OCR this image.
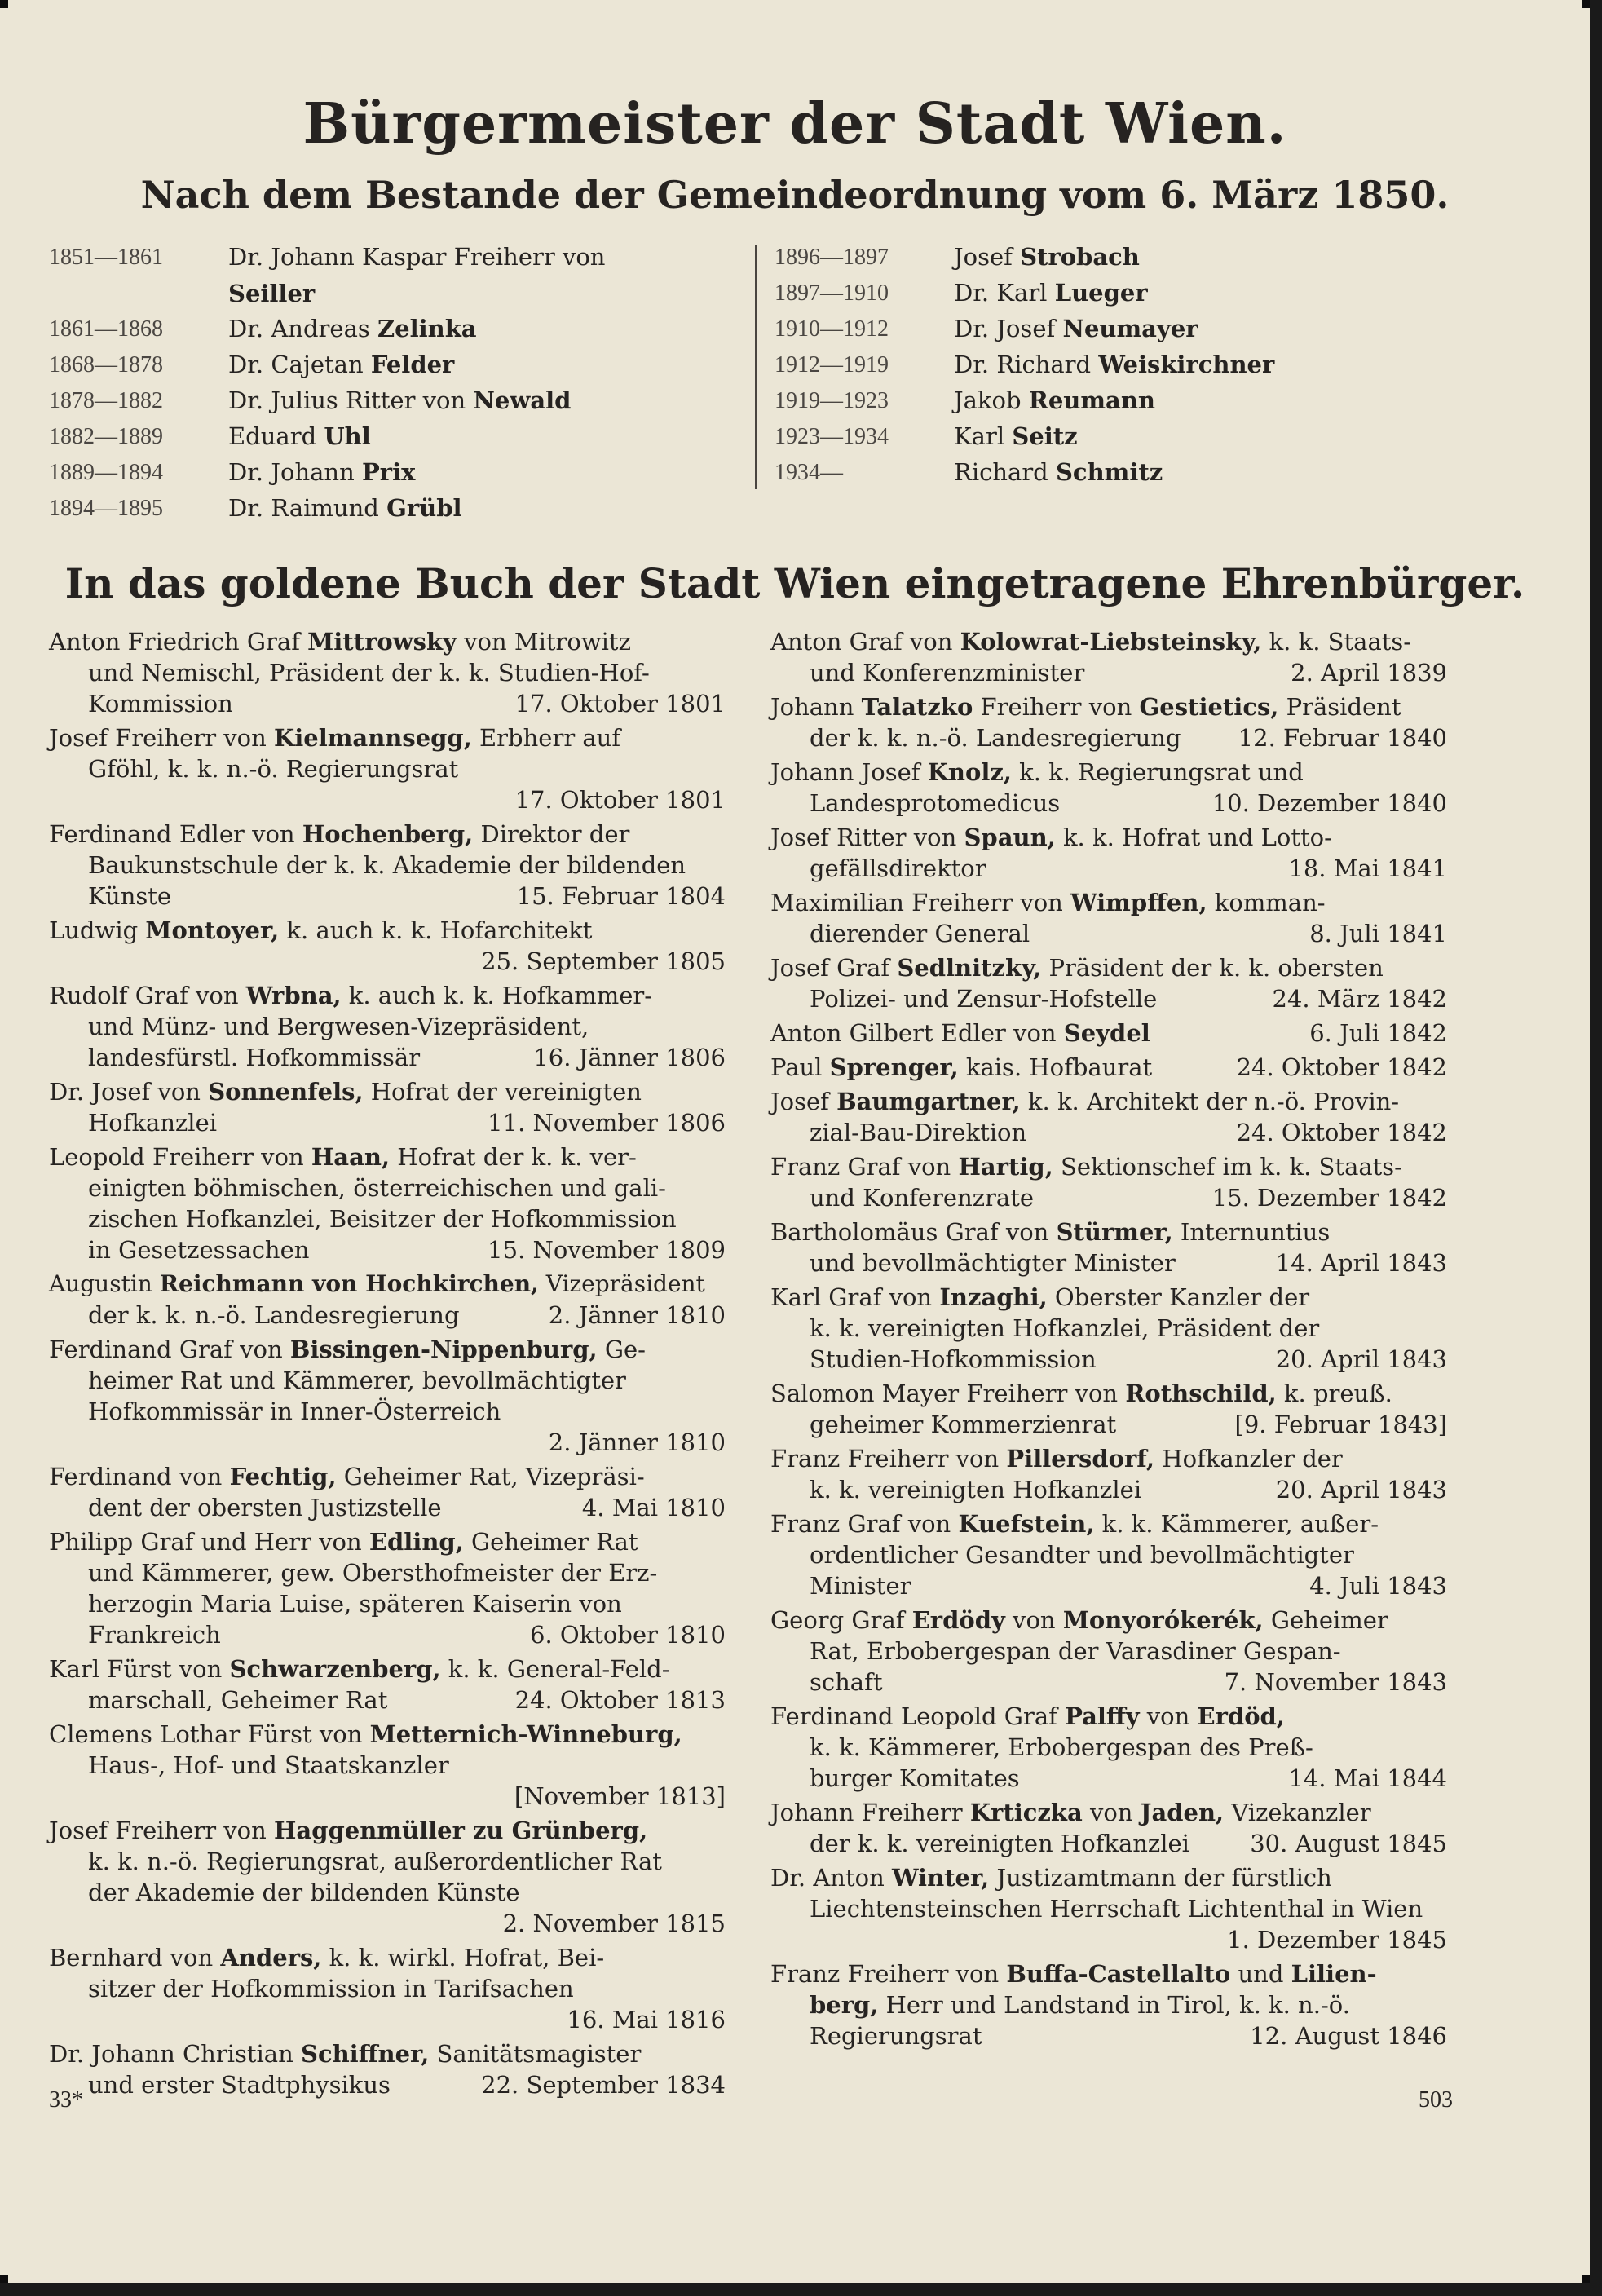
Bürgermeister der Stadt Wien.
Nach dem Bestande der Gemeindeordnung vom 6. März 1850.
1851—1861	Dr. Johann Kaspar Freiherr von
Seiller
1861—1868	Dr. Andreas Zelinka
1868—1878	Dr. Cajetan Felder
1878—1882	Dr. Julius Ritter von Newald
1882—1889	Eduard Uhl
1889—1894	Dr. Johann Prix
1894—1895	Dr. Raimund Grübl
1896—1897	Josef Strobach
1897—1910	Dr. Karl Lueger
1910—1912	Dr. Josef Neumayer
1912—1919	Dr. Richard Weiskirchner
1919—1923	Jakob Reumann
1923—1934	Karl Seitz
1934—	Richard Schmitz
In das goldene Buch der Stadt Wien eingetragene Ehrenbürger.
Anton Friedrich Graf Mittrowsky von Mitrowitz
und Nemischl, Präsident der k. k. Studien-Hof-
Kommission	17. Oktober 1801
Josef Freiherr von Kielmannsegg, Erbherr auf
Gföhl, k. k. n.-ö. Regierungsrat
17. Oktober 1801
Ferdinand Edler von Hochenberg, Direktor der
Baukunstschule der k. k. Akademie der bildenden
Künste	15. Februar 1804
Ludwig Montoyer, k. auch k. k. Hofarchitekt
25. September 1805
Rudolf Graf von Wrbna, k. auch k. k. Hofkammer-
und Münz- und Bergwesen-Vizepräsident,
landesfürstl. Hofkommissär	16. Jänner 1806
Dr. Josef von Sonnenfels, Hofrat der vereinigten
Hofkanzlei	11. November 1806
Leopold Freiherr von Haan, Hofrat der k. k. ver-
einigten böhmischen, österreichischen und gali-
zischen Hofkanzlei, Beisitzer der Hofkommission
in Gesetzessachen	15. November 1809
Augustin Reichmann von Hochkirchen, Vizepräsident
der k. k. n.-ö. Landesregierung	2. Jänner 1810
Ferdinand Graf von Bissingen-Nippenburg, Ge-
heimer Rat und Kämmerer, bevollmächtigter
Hofkommissär in Inner-Österreich
2. Jänner 1810
Ferdinand von Fechtig, Geheimer Rat, Vizepräsi-
dent der obersten Justizstelle	4. Mai 1810
Philipp Graf und Herr von Edling, Geheimer Rat
und Kämmerer, gew. Obersthofmeister der Erz-
herzogin Maria Luise, späteren Kaiserin von
Frankreich	6. Oktober 1810
Karl Fürst von Schwarzenberg, k. k. General-Feld-
marschall, Geheimer Rat	24. Oktober 1813
Clemens Lothar Fürst von Metternich-Winneburg,
Haus-, Hof- und Staatskanzler
[November 1813]
Josef Freiherr von Haggenmüller zu Grünberg,
k. k. n.-ö. Regierungsrat, außerordentlicher Rat
der Akademie der bildenden Künste
2. November 1815
Bernhard von Anders, k. k. wirkl. Hofrat, Bei-
sitzer der Hofkommission in Tarifsachen
16. Mai 1816
Dr. Johann Christian Schiffner, Sanitätsmagister
und erster Stadtphysikus	22. September 1834
Anton Graf von Kolowrat-Liebsteinsky, k. k. Staats-
und Konferenzminister	2. April 1839
Johann Talatzko Freiherr von Gestietics, Präsident
der k. k. n.-ö. Landesregierung 12. Februar 1840
Johann Josef Knolz, k. k. Regierungsrat und
Landesprotomedicus	10. Dezember 1840
Josef Ritter von Spaun, k. k. Hofrat und Lotto-
gefällsdirektor	18. Mai 1841
Maximilian Freiherr von Wimpffen, komman-
dierender General	8. Juli 1841
Josef Graf Sedlnitzky, Präsident der k. k. obersten
Polizei- und Zensur-Hofstelle	24. März 1842
Anton Gilbert Edler von Seydel	6. Juli 1842
Paul Sprenger, kais. Hofbaurat	24. Oktober 1842
Josef Baumgartner, k. k. Architekt der n.-ö. Provin-
zial-Bau-Direktion	24. Oktober 1842
Franz Graf von Hartig, Sektionschef im k. k. Staats-
und Konferenzrate	15. Dezember 1842
Bartholomäus Graf von Stürmer, Internuntius
und bevollmächtigter Minister	14. April 1843
Karl Graf von Inzaghi, Oberster Kanzler der
k. k. vereinigten Hofkanzlei, Präsident der
Studien-Hofkommission	20. April 1843
Salomon Mayer Freiherr von Rothschild, k. preuß.
geheimer Kommerzienrat	[9. Februar 1843]
Franz Freiherr von Pillersdorf, Hofkanzler der
k. k. vereinigten Hofkanzlei	20. April 1843
Franz Graf von Kuefstein, k. k. Kämmerer, außer-
ordentlicher Gesandter und bevollmächtigter
Minister	4. Juli 1843
Georg Graf Erdödy von Monyorókerék, Geheimer
Rat, Erbobergespan der Varasdiner Gespan-
schaft	7. November 1843
Ferdinand Leopold Graf Palffy von Erdöd,
k. k. Kämmerer, Erbobergespan des Preß-
burger Komitates	14. Mai 1844
Johann Freiherr Krticzka von Jaden, Vizekanzler
der k. k. vereinigten Hofkanzlei	30. August 1845
Dr. Anton Winter, Justizamtmann der fürstlich
Liechtensteinschen Herrschaft Lichtenthal in Wien
1. Dezember 1845
Franz Freiherr von Buffa-Castellalto und Lilien-
berg, Herr und Landstand in Tirol, k. k. n.-ö.
Regierungsrat	12. August 1846
33*	503
